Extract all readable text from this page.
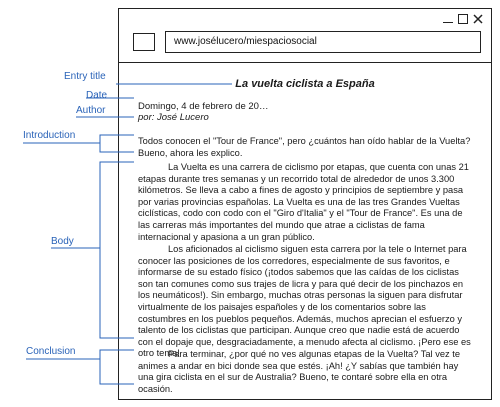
www.josélucero/miespaciosocial
La vuelta ciclista a España
Domingo, 4 de febrero de 20…
por: José Lucero

Todos conocen el "Tour de France", pero ¿cuántos han oído hablar de la Vuelta? Bueno, ahora les explico.

La Vuelta es una carrera de ciclismo por etapas, que cuenta con unas 21 etapas durante tres semanas y un recorrido total de alrededor de unos 3.300 kilómetros. Se lleva a cabo a fines de agosto y principios de septiembre y pasa por varias provincias españolas. La Vuelta es una de las tres Grandes Vueltas ciclísticas, codo con codo con el "Giro d'Italia" y el "Tour de France". Es una de las carreras más importantes del mundo que atrae a ciclistas de fama internacional y apasiona a un gran público.

Los aficionados al ciclismo siguen esta carrera por la tele o Internet para conocer las posiciones de los corredores, especialmente de sus favoritos, e informarse de su estado físico (¡todos sabemos que las caídas de los ciclistas son tan comunes como sus trajes de licra y para qué decir de los pinchazos en los neumáticos!). Sin embargo, muchas otras personas la siguen para disfrutar virtualmente de los paisajes españoles y de los comentarios sobre las costumbres en los pueblos pequeños. Además, muchos aprecian el esfuerzo y talento de los ciclistas que participan. Aunque creo que nadie está de acuerdo con el dopaje que, desgraciadamente, a menudo afecta al ciclismo. ¡Pero ese es otro tema!

Para terminar, ¿por qué no ves algunas etapas de la Vuelta? Tal vez te animes a andar en bici donde sea que estés. ¡Ah! ¿Y sabías que también hay una gira ciclista en el sur de Australia? Bueno, te contaré sobre ella en otra ocasión.

Entry title
Date
Author
Introduction
Body
Conclusion
